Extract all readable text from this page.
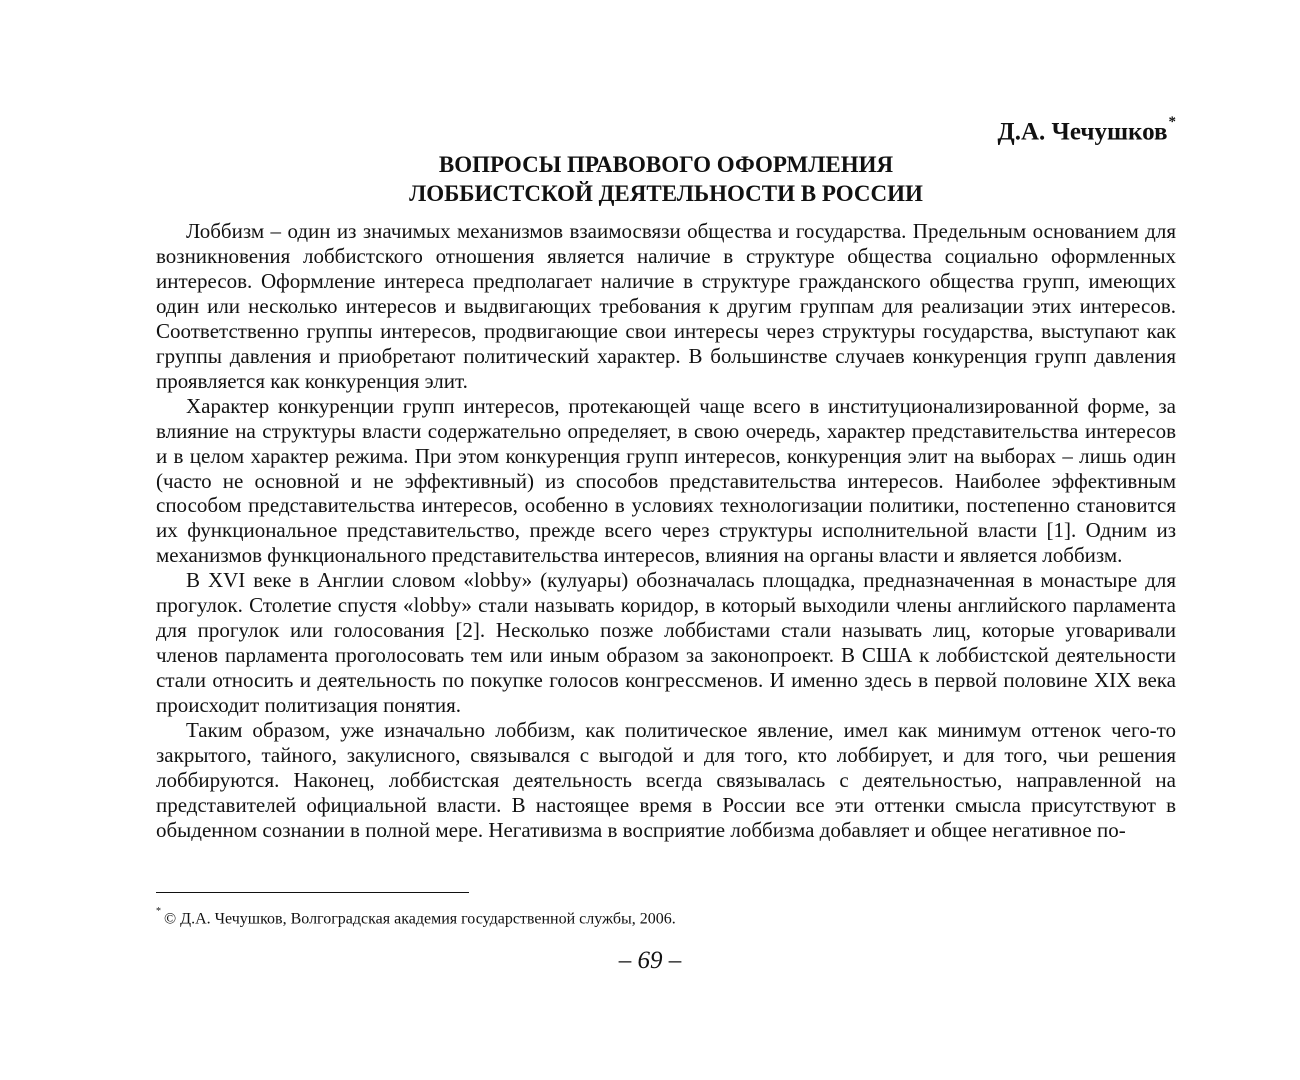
Д.А. Чечушков*
ВОПРОСЫ ПРАВОВОГО ОФОРМЛЕНИЯ
ЛОББИСТСКОЙ ДЕЯТЕЛЬНОСТИ В РОССИИ

Лоббизм – один из значимых механизмов взаимосвязи общества и государства. Предельным основанием для возникновения лоббистского отношения является наличие в структуре общества социально оформленных интересов. Оформление интереса предполагает наличие в структуре гражданского общества групп, имеющих один или несколько интересов и выдвигающих требования к другим группам для реализации этих интересов. Соответственно группы интересов, продвигающие свои интересы через структуры государства, выступают как группы давления и приобретают политический характер. В большинстве случаев конкуренция групп давления проявляется как конкуренция элит.

Характер конкуренции групп интересов, протекающей чаще всего в институционализированной форме, за влияние на структуры власти содержательно определяет, в свою очередь, характер представительства интересов и в целом характер режима. При этом конкуренция групп интересов, конкуренция элит на выборах – лишь один (часто не основной и не эффективный) из способов представительства интересов. Наиболее эффективным способом представительства интересов, особенно в условиях технологизации политики, постепенно становится их функциональное представительство, прежде всего через структуры исполнительной власти [1]. Одним из механизмов функционального представительства интересов, влияния на органы власти и является лоббизм.

В XVI веке в Англии словом «lobby» (кулуары) обозначалась площадка, предназначенная в монастыре для прогулок. Столетие спустя «lobby» стали называть коридор, в который выходили члены английского парламента для прогулок или голосования [2]. Несколько позже лоббистами стали называть лиц, которые уговаривали членов парламента проголосовать тем или иным образом за законопроект. В США к лоббистской деятельности стали относить и деятельность по покупке голосов конгрессменов. И именно здесь в первой половине XIX века происходит политизация понятия.

Таким образом, уже изначально лоббизм, как политическое явление, имел как минимум оттенок чего-то закрытого, тайного, закулисного, связывался с выгодой и для того, кто лоббирует, и для того, чьи решения лоббируются. Наконец, лоббистская деятельность всегда связывалась с деятельностью, направленной на представителей официальной власти. В настоящее время в России все эти оттенки смысла присутствуют в обыденном сознании в полной мере. Негативизма в восприятие лоббизма добавляет и общее негативное по-

* © Д.А. Чечушков, Волгоградская академия государственной службы, 2006.
– 69 –
